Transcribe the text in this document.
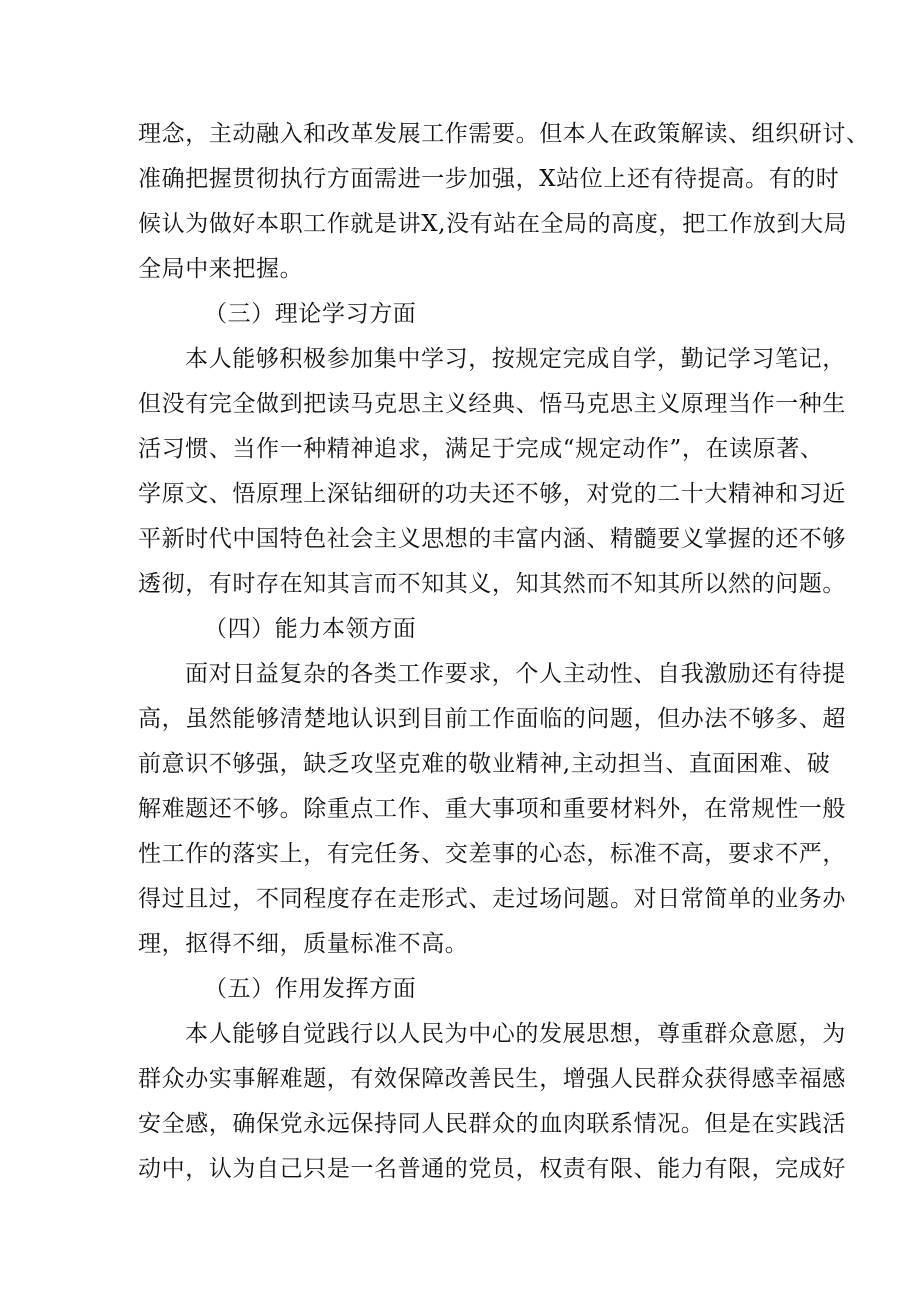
理念，主动融入和改革发展工作需要。但本人在政策解读、组织研讨、
准确把握贯彻执行方面需进一步加强，X站位上还有待提高。有的时
候认为做好本职工作就是讲X,没有站在全局的高度，把工作放到大局
全局中来把握。
（三）理论学习方面
本人能够积极参加集中学习，按规定完成自学，勤记学习笔记，
但没有完全做到把读马克思主义经典、悟马克思主义原理当作一种生
活习惯、当作一种精神追求，满足于完成“规定动作”，在读原著、
学原文、悟原理上深钻细研的功夫还不够，对党的二十大精神和习近
平新时代中国特色社会主义思想的丰富内涵、精髓要义掌握的还不够
透彻，有时存在知其言而不知其义，知其然而不知其所以然的问题。
（四）能力本领方面
面对日益复杂的各类工作要求，个人主动性、自我激励还有待提
高，虽然能够清楚地认识到目前工作面临的问题，但办法不够多、超
前意识不够强，缺乏攻坚克难的敬业精神,主动担当、直面困难、破
解难题还不够。除重点工作、重大事项和重要材料外，在常规性一般
性工作的落实上，有完任务、交差事的心态，标准不高，要求不严，
得过且过，不同程度存在走形式、走过场问题。对日常简单的业务办
理，抠得不细，质量标准不高。
（五）作用发挥方面
本人能够自觉践行以人民为中心的发展思想，尊重群众意愿，为
群众办实事解难题，有效保障改善民生，增强人民群众获得感幸福感
安全感，确保党永远保持同人民群众的血肉联系情况。但是在实践活
动中，认为自己只是一名普通的党员，权责有限、能力有限，完成好
